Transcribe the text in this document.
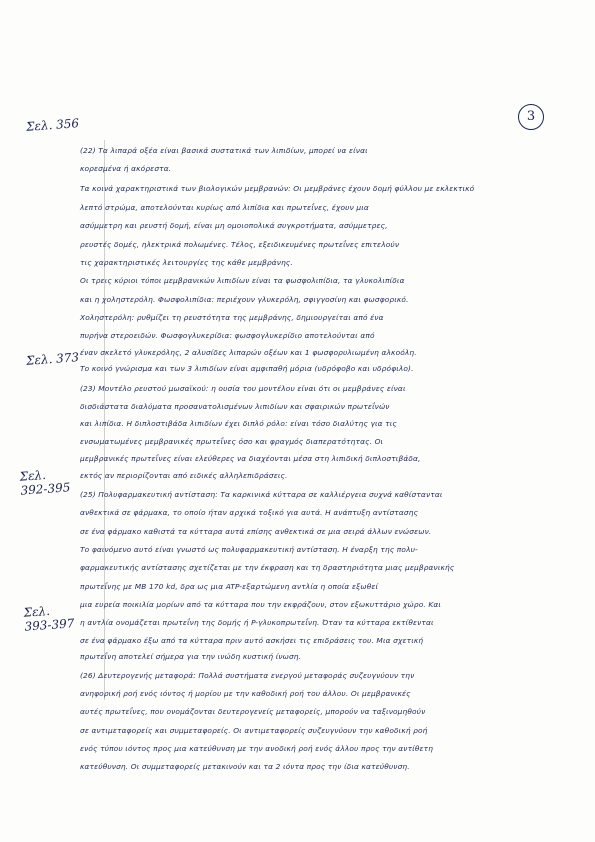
3
Σελ. 356
Σελ. 373
Σελ. 392-395
Σελ. 393-397
(22) Τα λιπαρά οξέα είναι βασικά συστατικά των λιπιδίων, μπορεί να είναι
κορεσμένα ή ακόρεστα.
Τα κοινά χαρακτηριστικά των βιολογικών μεμβρανών: Οι μεμβράνες έχουν δομή φύλλου με εκλεκτικό
λεπτό στρώμα, αποτελούνται κυρίως από λιπίδια και πρωτεΐνες, έχουν μια
ασύμμετρη και ρευστή δομή, είναι μη ομοιοπολικά συγκροτήματα, ασύμμετρες,
ρευστές δομές, ηλεκτρικά πολωμένες. Τέλος, εξειδικευμένες πρωτεΐνες επιτελούν
τις χαρακτηριστικές λειτουργίες της κάθε μεμβράνης.
Οι τρεις κύριοι τύποι μεμβρανικών λιπιδίων είναι τα φωσφολιπίδια, τα γλυκολιπίδια
και η χοληστερόλη. Φωσφολιπίδια: περιέχουν γλυκερόλη, σφιγγοσίνη και φωσφορικό.
Χοληστερόλη: ρυθμίζει τη ρευστότητα της μεμβράνης, δημιουργείται από ένα
πυρήνα στεροειδών. Φωσφογλυκερίδια: φωσφογλυκερίδιο αποτελούνται από
έναν σκελετό γλυκερόλης, 2 αλυσίδες λιπαρών οξέων και 1 φωσφορυλιωμένη αλκοόλη.
Το κοινό γνώρισμα και των 3 λιπιδίων είναι αμφιπαθή μόρια (υδρόφοβο και υδρόφιλο).
(23) Μοντέλο ρευστού μωσαϊκού: η ουσία του μοντέλου είναι ότι οι μεμβράνες είναι
δισδιάστατα διαλύματα προσανατολισμένων λιπιδίων και σφαιρικών πρωτεΐνών
και λιπίδια. Η διπλοστιβάδα λιπιδίων έχει διπλό ρόλο: είναι τόσο διαλύτης για τις
ενσωματωμένες μεμβρανικές πρωτεΐνες όσο και φραγμός διαπερατότητας. Οι
μεμβρανικές πρωτεΐνες είναι ελεύθερες να διαχέονται μέσα στη λιπιδική διπλοστιβάδα,
εκτός αν περιορίζονται από ειδικές αλληλεπιδράσεις.
(25) Πολυφαρμακευτική αντίσταση: Τα καρκινικά κύτταρα σε καλλιέργεια συχνά καθίστανται
ανθεκτικά σε φάρμακα, το οποίο ήταν αρχικά τοξικό για αυτά. Η ανάπτυξη αντίστασης
σε ένα φάρμακο καθιστά τα κύτταρα αυτά επίσης ανθεκτικά σε μια σειρά άλλων ενώσεων.
Το φαινόμενο αυτό είναι γνωστό ως πολυφαρμακευτική αντίσταση. Η έναρξη της πολυ-
φαρμακευτικής αντίστασης σχετίζεται με την έκφραση και τη δραστηριότητα μιας μεμβρανικής
πρωτεΐνης με ΜΒ 170 kd, δρα ως μια ATP-εξαρτώμενη αντλία η οποία εξωθεί
μια ευρεία ποικιλία μορίων από τα κύτταρα που την εκφράζουν, στον εξωκυττάριο χώρο. Και
η αντλία ονομάζεται πρωτεΐνη της δομής ή P-γλυκοπρωτεΐνη. Όταν τα κύτταρα εκτίθενται
σε ένα φάρμακο έξω από τα κύτταρα πριν αυτό ασκήσει τις επιδράσεις του. Μια σχετική
πρωτεΐνη αποτελεί σήμερα για την ινώδη κυστική ίνωση.
(26) Δευτερογενής μεταφορά: Πολλά συστήματα ενεργού μεταφοράς συζευγνύουν την
ανηφορική ροή ενός ιόντος ή μορίου με την καθοδική ροή του άλλου. Οι μεμβρανικές
αυτές πρωτεΐνες, που ονομάζονται δευτερογενείς μεταφορείς, μπορούν να ταξινομηθούν
σε αντιμεταφορείς και συμμεταφορείς. Οι αντιμεταφορείς συζευγνύουν την καθοδική ροή
ενός τύπου ιόντος προς μια κατεύθυνση με την ανοδική ροή ενός άλλου προς την αντίθετη
κατεύθυνση. Οι συμμεταφορείς μετακινούν και τα 2 ιόντα προς την ίδια κατεύθυνση.
